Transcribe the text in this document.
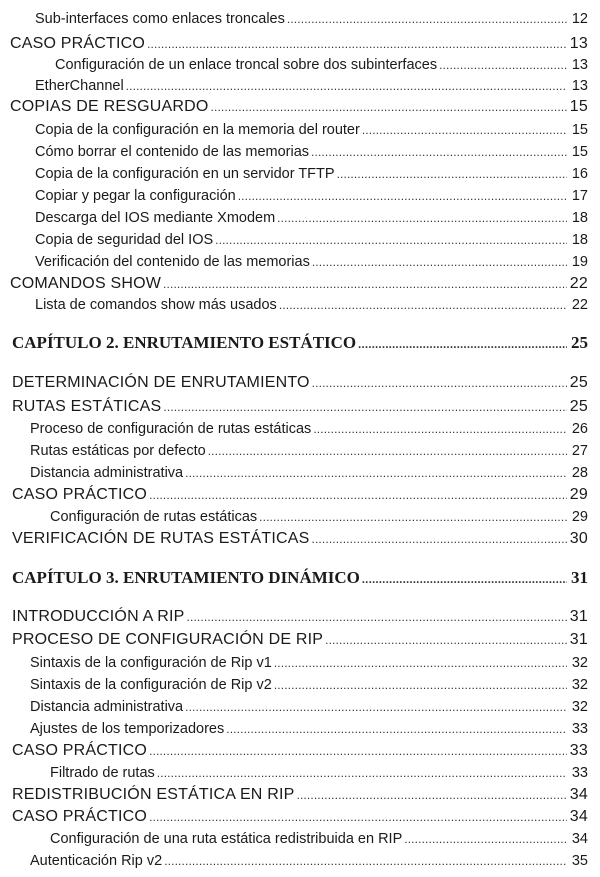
Sub-interfaces como enlaces troncales . . .	12
CASO PRÁCTICO . . .	13
Configuración de un enlace troncal sobre dos subinterfaces . . .	13
EtherChannel . . .	13
COPIAS DE RESGUARDO . . .	15
Copia de la configuración en la memoria del router . . .	15
Cómo borrar el contenido de las memorias . . .	15
Copia de la configuración en un servidor TFTP . . .	16
Copiar y pegar la configuración . . .	17
Descarga del IOS mediante Xmodem . . .	18
Copia de seguridad del IOS . . .	18
Verificación del contenido de las memorias . . .	19
COMANDOS SHOW . . .	22
Lista de comandos show más usados . . .	22
CAPÍTULO 2. ENRUTAMIENTO ESTÁTICO .....	25
DETERMINACIÓN DE ENRUTAMIENTO . . .	25
RUTAS ESTÁTICAS . . .	25
Proceso de configuración de rutas estáticas . . .	26
Rutas estáticas por defecto . . .	27
Distancia administrativa . . .	28
CASO PRÁCTICO . . .	29
Configuración de rutas estáticas . . .	29
VERIFICACIÓN DE RUTAS ESTÁTICAS . . .	30
CAPÍTULO 3. ENRUTAMIENTO DINÁMICO .....	31
INTRODUCCIÓN A RIP . . .	31
PROCESO DE CONFIGURACIÓN DE RIP . . .	31
Sintaxis de la configuración de Rip v1 . . .	32
Sintaxis de la configuración de Rip v2 . . .	32
Distancia administrativa . . .	32
Ajustes de los temporizadores . . .	33
CASO PRÁCTICO . . .	33
Filtrado de rutas . . .	33
REDISTRIBUCIÓN ESTÁTICA EN RIP . . .	34
CASO PRÁCTICO . . .	34
Configuración de una ruta estática redistribuida en RIP . . .	34
Autenticación Rip v2 . . .	35
